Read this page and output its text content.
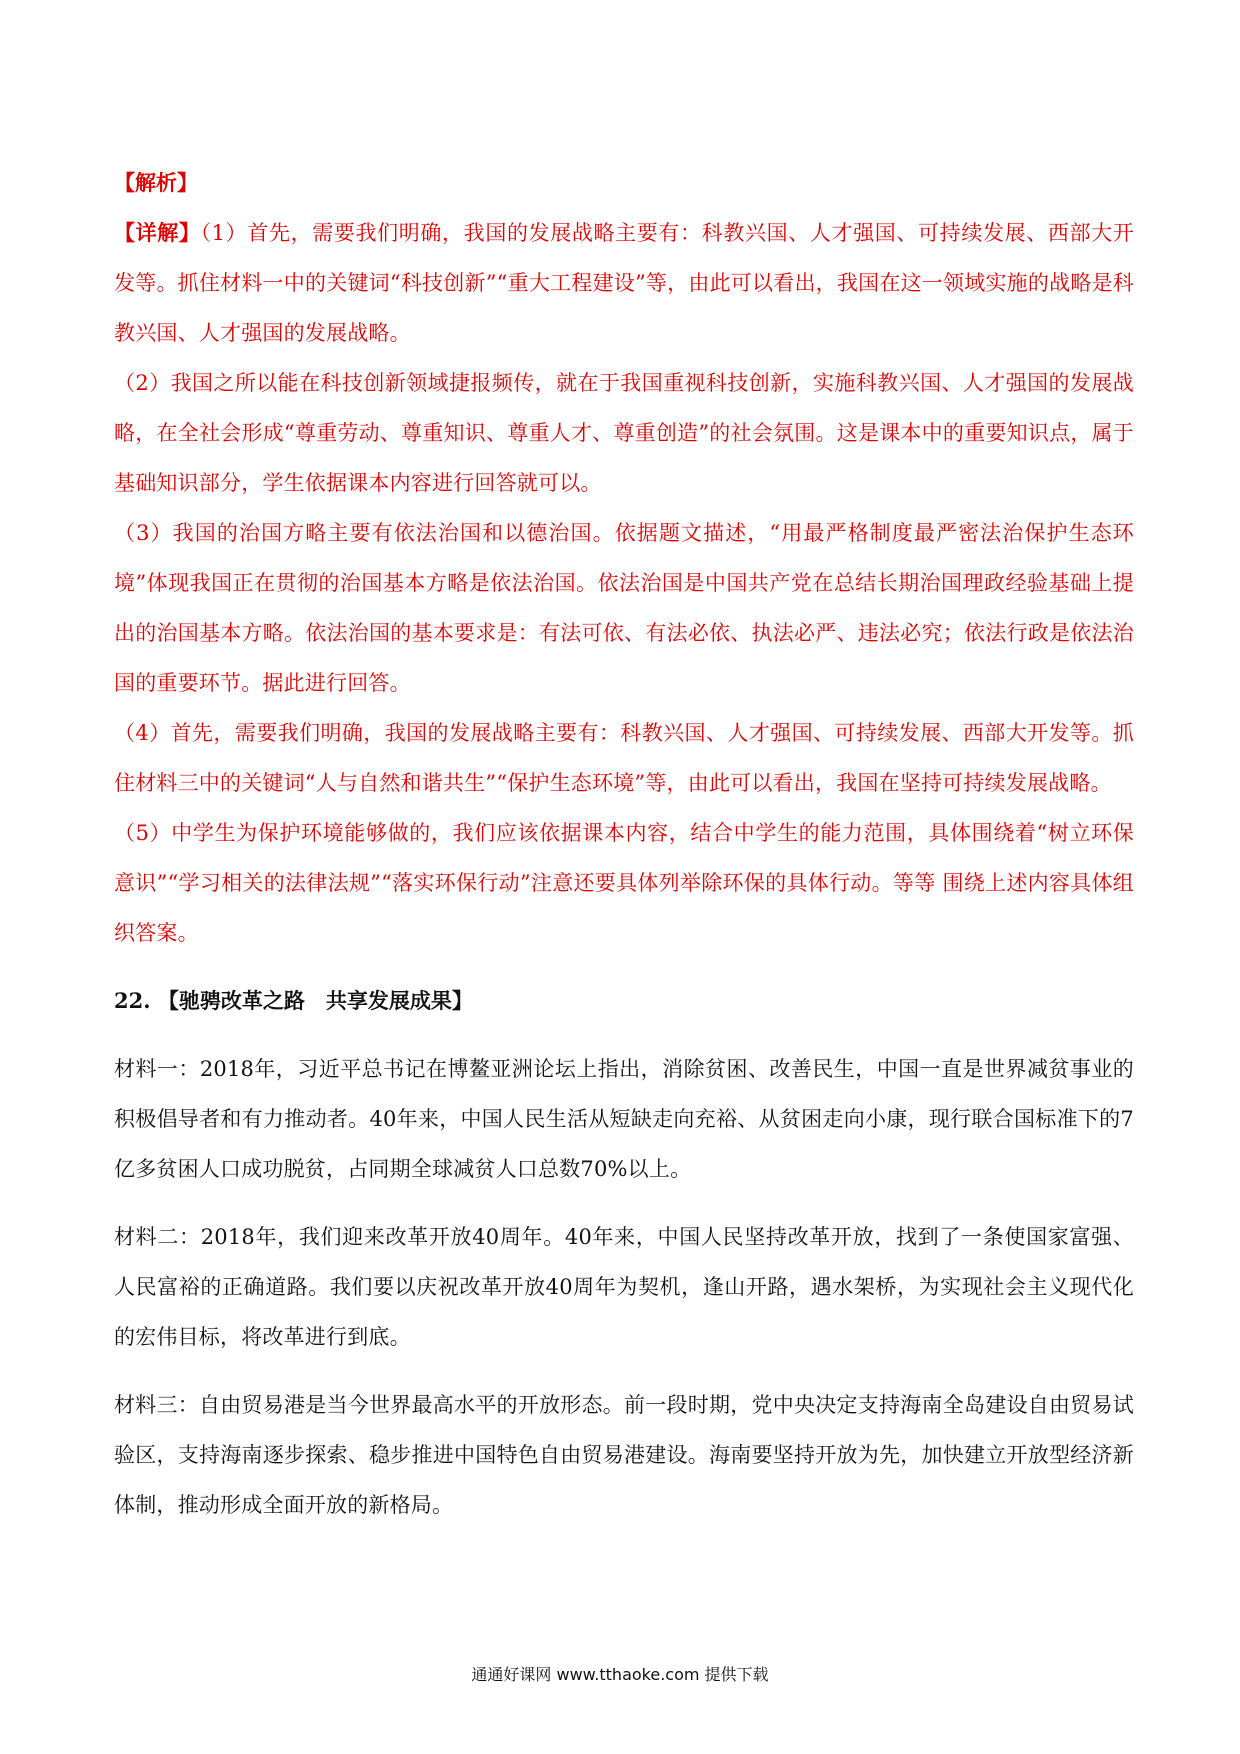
【解析】

【详解】（1）首先，需要我们明确，我国的发展战略主要有：科教兴国、人才强国、可持续发展、西部大开发等。抓住材料一中的关键词“科技创新”“重大工程建设”等，由此可以看出，我国在这一领域实施的战略是科教兴国、人才强国的发展战略。

（2）我国之所以能在科技创新领域捷报频传，就在于我国重视科技创新，实施科教兴国、人才强国的发展战略，在全社会形成“尊重劳动、尊重知识、尊重人才、尊重创造”的社会氛围。这是课本中的重要知识点，属于基础知识部分，学生依据课本内容进行回答就可以。

（3）我国的治国方略主要有依法治国和以德治国。依据题文描述，“用最严格制度最严密法治保护生态环境”体现我国正在贯彻的治国基本方略是依法治国。依法治国是中国共产党在总结长期治国理政经验基础上提出的治国基本方略。依法治国的基本要求是：有法可依、有法必依、执法必严、违法必究；依法行政是依法治国的重要环节。据此进行回答。

（4）首先，需要我们明确，我国的发展战略主要有：科教兴国、人才强国、可持续发展、西部大开发等。抓住材料三中的关键词“人与自然和谐共生”“保护生态环境”等，由此可以看出，我国在坚持可持续发展战略。

（5）中学生为保护环境能够做的，我们应该依据课本内容，结合中学生的能力范围，具体围绕着“树立环保意识”“学习相关的法律法规”“落实环保行动”注意还要具体列举除环保的具体行动。等等 围绕上述内容具体组织答案。

22. 【驰骋改革之路　共享发展成果】

材料一：2018年，习近平总书记在博鳌亚洲论坛上指出，消除贫困、改善民生，中国一直是世界减贫事业的积极倡导者和有力推动者。40年来，中国人民生活从短缺走向充裕、从贫困走向小康，现行联合国标准下的7亿多贫困人口成功脱贫，占同期全球减贫人口总数70%以上。

材料二：2018年，我们迎来改革开放40周年。40年来，中国人民坚持改革开放，找到了一条使国家富强、人民富裕的正确道路。我们要以庆祝改革开放40周年为契机，逢山开路，遇水架桥，为实现社会主义现代化的宏伟目标，将改革进行到底。

材料三：自由贸易港是当今世界最高水平的开放形态。前一段时期，党中央决定支持海南全岛建设自由贸易试验区，支持海南逐步探索、稳步推进中国特色自由贸易港建设。海南要坚持开放为先，加快建立开放型经济新体制，推动形成全面开放的新格局。

通通好课网 www.tthaoke.com 提供下载
